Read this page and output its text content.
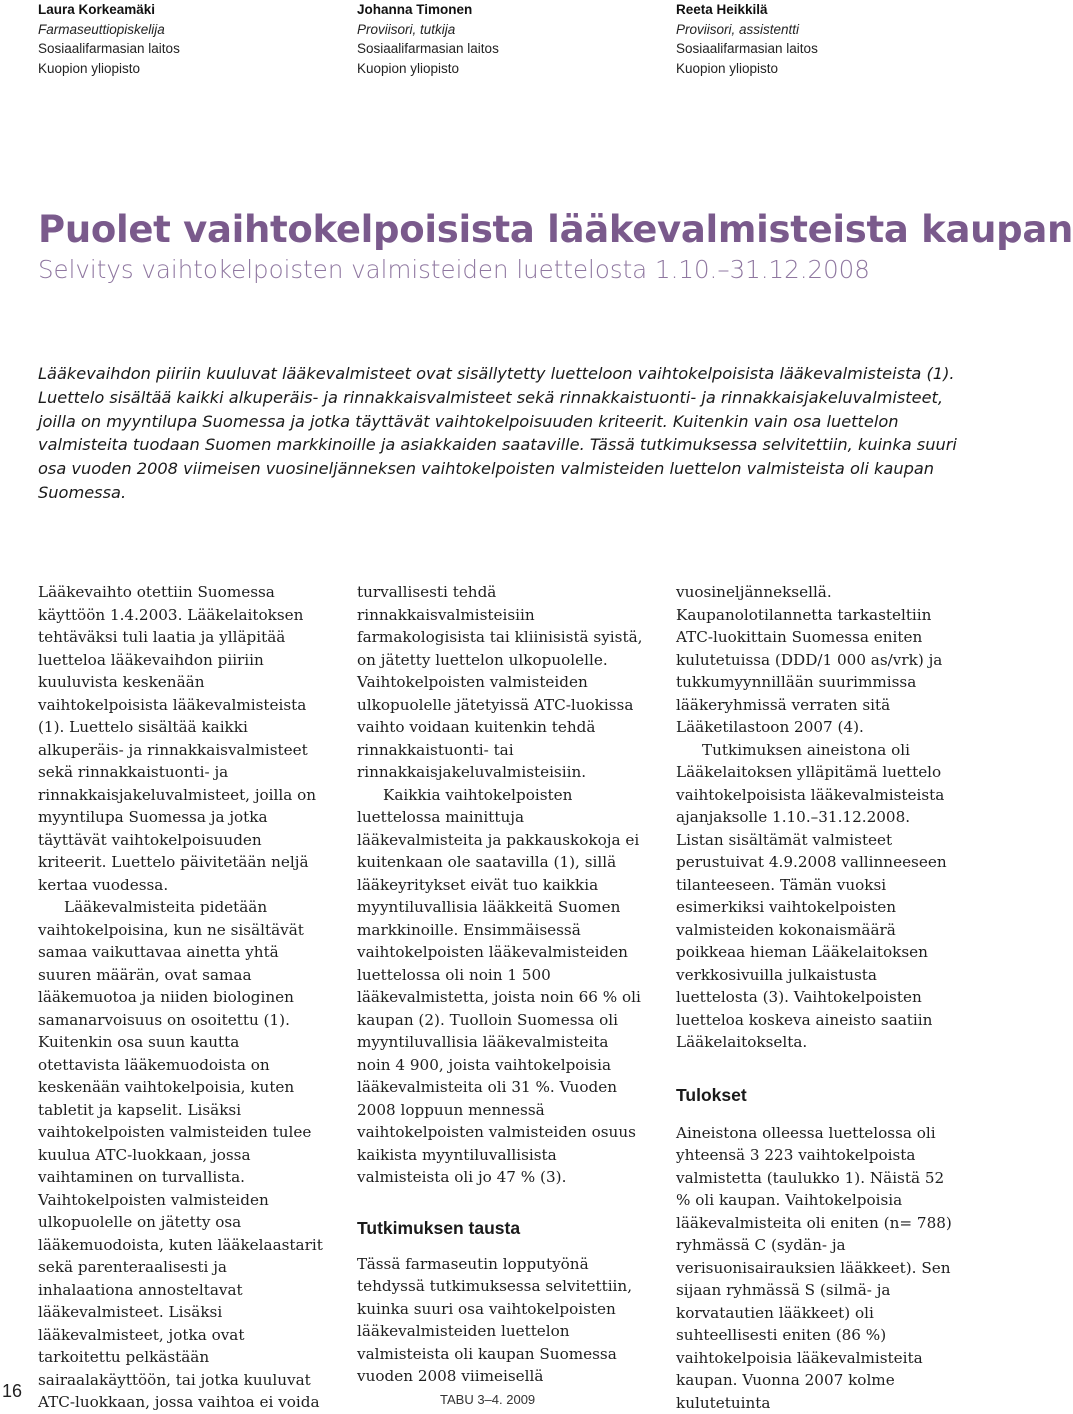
Laura Korkeamäki
Farmaseuttiopiskelija
Sosiaalifarmasian laitos
Kuopion yliopisto
Johanna Timonen
Proviisori, tutkija
Sosiaalifarmasian laitos
Kuopion yliopisto
Reeta Heikkilä
Proviisori, assistentti
Sosiaalifarmasian laitos
Kuopion yliopisto
Puolet vaihtokelpoisista lääkevalmisteista kaupan
Selvitys vaihtokelpoisten valmisteiden luettelosta 1.10.–31.12.2008

Lääkevaihdon piiriin kuuluvat lääkevalmisteet ovat sisällytetty luetteloon vaihtokelpoisista lääkevalmisteista (1). Luettelo sisältää kaikki alkuperäis- ja rinnakkaisvalmisteet sekä rinnakkaistuonti- ja rinnakkaisjakeluvalmisteet, joilla on myyntilupa Suomessa ja jotka täyttävät vaihtokelpoisuuden kriteerit. Kuitenkin vain osa luettelon valmisteita tuodaan Suomen markkinoille ja asiakkaiden saataville. Tässä tutkimuksessa selvitettiin, kuinka suuri osa vuoden 2008 viimeisen vuosineljänneksen vaihtokelpoisten valmisteiden luettelon valmisteista oli kaupan Suomessa.

Lääkevaihto otettiin Suomessa käyttöön 1.4.2003. Lääkelaitoksen tehtäväksi tuli laatia ja ylläpitää luetteloa lääkevaihdon piiriin kuuluvista keskenään vaihtokelpoisista lääkevalmisteista (1). Luettelo sisältää kaikki alkuperäis- ja rinnakkaisvalmisteet sekä rinnakkaistuonti- ja rinnakkaisjakeluvalmisteet, joilla on myyntilupa Suomessa ja jotka täyttävät vaihtokelpoisuuden kriteerit. Luettelo päivitetään neljä kertaa vuodessa.

Lääkevalmisteita pidetään vaihtokelpoisina, kun ne sisältävät samaa vaikuttavaa ainetta yhtä suuren määrän, ovat samaa lääkemuotoa ja niiden biologinen samanarvoisuus on osoitettu (1). Kuitenkin osa suun kautta otettavista lääkemuodoista on keskenään vaihtokelpoisia, kuten tabletit ja kapselit. Lisäksi vaihtokelpoisten valmisteiden tulee kuulua ATC-luokkaan, jossa vaihtaminen on turvallista. Vaihtokelpoisten valmisteiden ulkopuolelle on jätetty osa lääkemuodoista, kuten lääkelaastarit sekä parenteraalisesti ja inhalaationa annosteltavat lääkevalmisteet. Lisäksi lääkevalmisteet, jotka ovat tarkoitettu pelkästään sairaalakäyttöön, tai jotka kuuluvat ATC-luokkaan, jossa vaihtoa ei voida

turvallisesti tehdä rinnakkaisvalmisteisiin farmakologisista tai kliinisistä syistä, on jätetty luettelon ulkopuolelle. Vaihtokelpoisten valmisteiden ulkopuolelle jätetyissä ATC-luokissa vaihto voidaan kuitenkin tehdä rinnakkaistuonti- tai rinnakkaisjakeluvalmisteisiin.

Kaikkia vaihtokelpoisten luettelossa mainittuja lääkevalmisteita ja pakkauskokoja ei kuitenkaan ole saatavilla (1), sillä lääkeyritykset eivät tuo kaikkia myyntiluvallisia lääkkeitä Suomen markkinoille. Ensimmäisessä vaihtokelpoisten lääkevalmisteiden luettelossa oli noin 1 500 lääkevalmistetta, joista noin 66 % oli kaupan (2). Tuolloin Suomessa oli myyntiluvallisia lääkevalmisteita noin 4 900, joista vaihtokelpoisia lääkevalmisteita oli 31 %. Vuoden 2008 loppuun mennessä vaihtokelpoisten valmisteiden osuus kaikista myyntiluvallisista valmisteista oli jo 47 % (3).

Tutkimuksen tausta

Tässä farmaseutin lopputyönä tehdyssä tutkimuksessa selvitettiin, kuinka suuri osa vaihtokelpoisten lääkevalmisteiden luettelon valmisteista oli kaupan Suomessa vuoden 2008 viimeisellä

vuosineljänneksellä. Kaupanolotilannetta tarkasteltiin ATC-luokittain Suomessa eniten kulutetuissa (DDD/1 000 as/vrk) ja tukkumyynnillään suurimmissa lääkeryhmissä verraten sitä Lääketilastoon 2007 (4).

Tutkimuksen aineistona oli Lääkelaitoksen ylläpitämä luettelo vaihtokelpoisista lääkevalmisteista ajanjaksolle 1.10.–31.12.2008. Listan sisältämät valmisteet perustuivat 4.9.2008 vallinneeseen tilanteeseen. Tämän vuoksi esimerkiksi vaihtokelpoisten valmisteiden kokonaismäärä poikkeaa hieman Lääkelaitoksen verkkosivuilla julkaistusta luettelosta (3). Vaihtokelpoisten luetteloa koskeva aineisto saatiin Lääkelaitokselta.

Tulokset

Aineistona olleessa luettelossa oli yhteensä 3 223 vaihtokelpoista valmistetta (taulukko 1). Näistä 52 % oli kaupan. Vaihtokelpoisia lääkevalmisteita oli eniten (n= 788) ryhmässä C (sydän- ja verisuonisairauksien lääkkeet). Sen sijaan ryhmässä S (silmä- ja korvatautien lääkkeet) oli suhteellisesti eniten (86 %) vaihtokelpoisia lääkevalmisteita kaupan. Vuonna 2007 kolme kulutetuinta

16	TABU 3–4. 2009
